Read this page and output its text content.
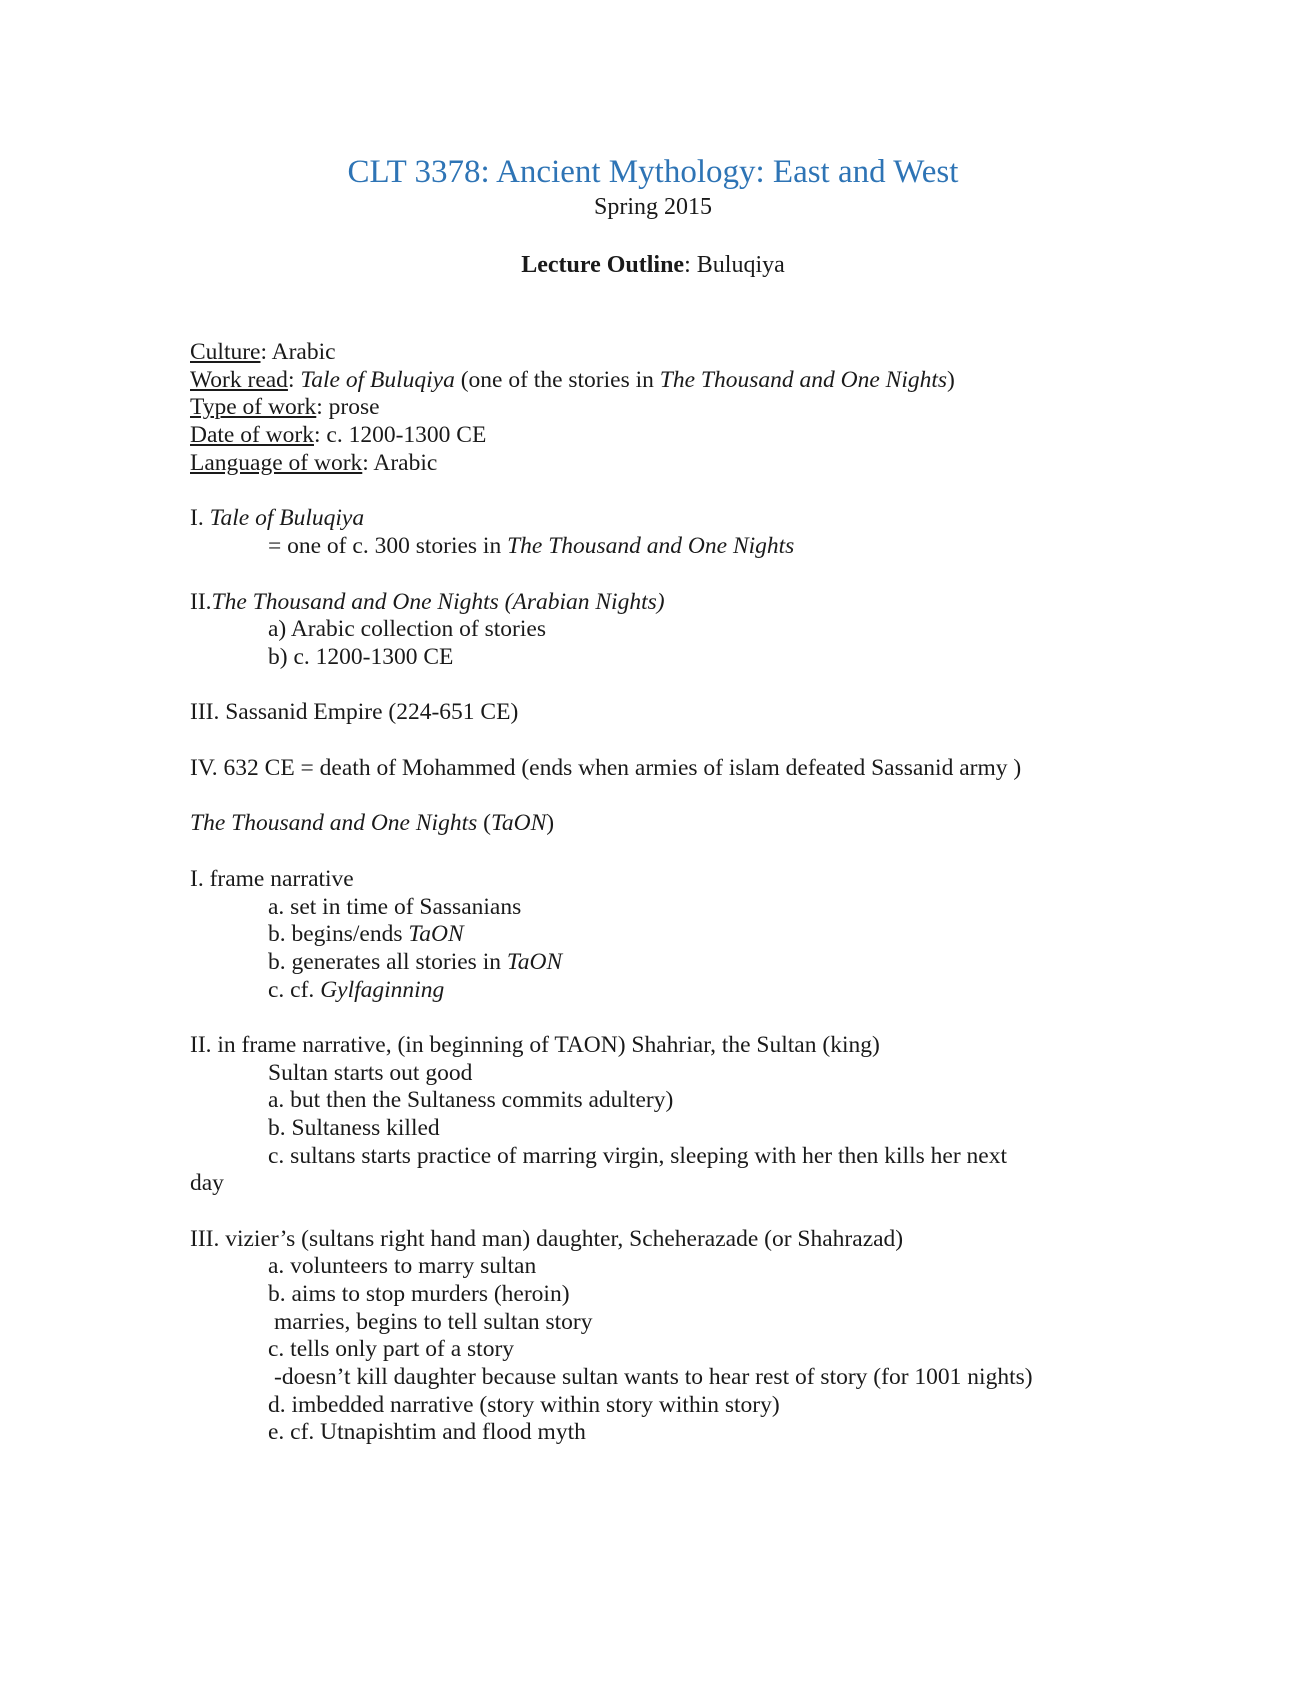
CLT 3378: Ancient Mythology: East and West
Spring 2015
Lecture Outline: Buluqiya
Culture: Arabic
Work read: Tale of Buluqiya (one of the stories in The Thousand and One Nights)
Type of work: prose
Date of work: c. 1200-1300 CE
Language of work: Arabic
I. Tale of Buluqiya
= one of c. 300 stories in The Thousand and One Nights
II.The Thousand and One Nights (Arabian Nights)
a) Arabic collection of stories
b) c. 1200-1300 CE
III. Sassanid Empire (224-651 CE)
IV. 632 CE = death of Mohammed (ends when armies of islam defeated Sassanid army )
The Thousand and One Nights (TaON)
I. frame narrative
a. set in time of Sassanians
b. begins/ends TaON
b. generates all stories in TaON
c. cf. Gylfaginning
II. in frame narrative, (in beginning of TAON) Shahriar, the Sultan (king)
Sultan starts out good
a. but then the Sultaness commits adultery)
b. Sultaness killed
c. sultans starts practice of marring virgin, sleeping with her then kills her next
day
III. vizier’s (sultans right hand man) daughter, Scheherazade (or Shahrazad)
a. volunteers to marry sultan
b. aims to stop murders (heroin)
marries, begins to tell sultan story
c. tells only part of a story
-doesn’t kill daughter because sultan wants to hear rest of story (for 1001 nights)
d. imbedded narrative (story within story within story)
e. cf. Utnapishtim and flood myth
